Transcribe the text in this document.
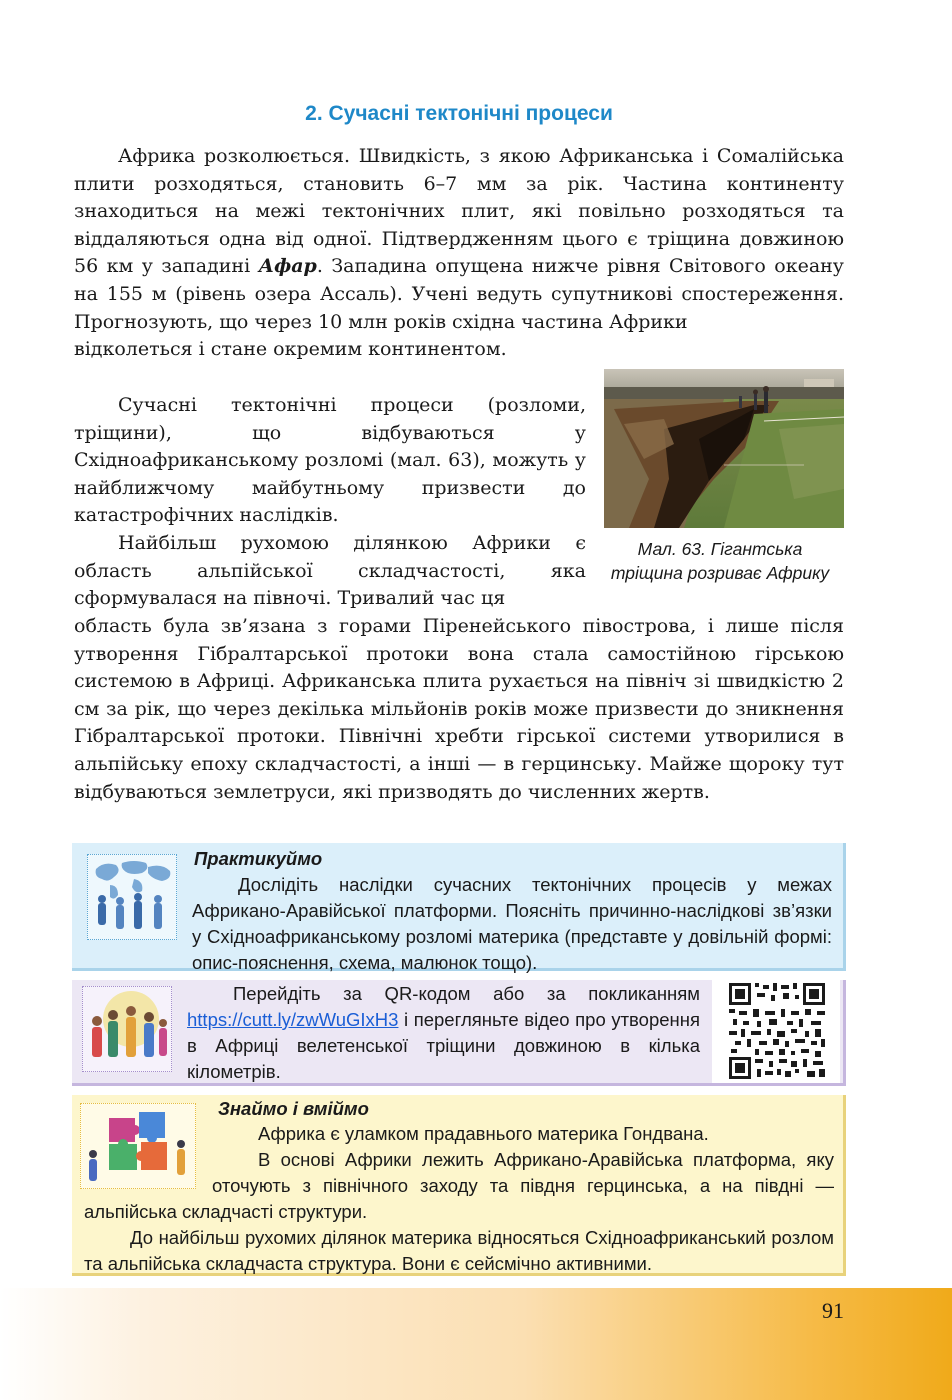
2. Сучасні тектонічні процеси

Африка розколюється. Швидкість, з якою Африканська і Сомалійська плити розходяться, становить 6–7 мм за рік. Частина континенту знаходиться на межі тектонічних плит, які повільно розходяться та віддаляються одна від одної. Підтвердженням цього є тріщина довжиною 56 км у западині Афар. Западина опущена нижче рівня Світового океану на 155 м (рівень озера Ассаль). Учені ведуть супутникові спостереження. Прогнозують, що через 10 млн років східна частина Африки
відколеться і стане окремим континентом.

Сучасні тектонічні процеси (розломи, тріщини), що відбуваються у Східноафриканському розломі (мал. 63), можуть у найближчому майбутньому призвести до катастрофічних наслідків.

Найбільш рухомою ділянкою Африки є область альпійської складчастості, яка сформувалася на півночі. Тривалий час ця

область була зв’язана з горами Піренейського півострова, і лише після утворення Гібралтарської протоки вона стала самостійною гірською системою в Африці. Африканська плита рухається на північ зі швидкістю 2 см за рік, що через декілька мільйонів років може призвести до зникнення Гібралтарської протоки. Північні хребти гірської системи утворилися в альпійську епоху складчастості, а інші — в герцинську. Майже щороку тут відбуваються землетруси, які призводять до численних жертв.

Мал. 63. Гігантська тріщина розриває Африку
Практикуймо
Дослідіть наслідки сучасних тектонічних процесів у межах Африкано-Аравійської платформи. Поясніть причинно-наслідкові зв’язки у Східноафриканському розломі материка (представте у довільній формі: опис-пояснення, схема, малюнок тощо).
Перейдіть за QR-кодом або за покликанням https://cutt.ly/zwWuGIxH3 і перегляньте відео про утворення в Африці велетенської тріщини довжиною в кілька кілометрів.
Знаймо і вміймо
Африка є уламком прадавнього материка Гондвана.
В основі Африки лежить Африкано-Аравійська платформа, яку оточують з північного заходу та півдня герцинська, а на півдні — альпійська складчасті структури.
До найбільш рухомих ділянок материка відносяться Східноафриканський розлом та альпійська складчаста структура. Вони є сейсмічно активними.
91
